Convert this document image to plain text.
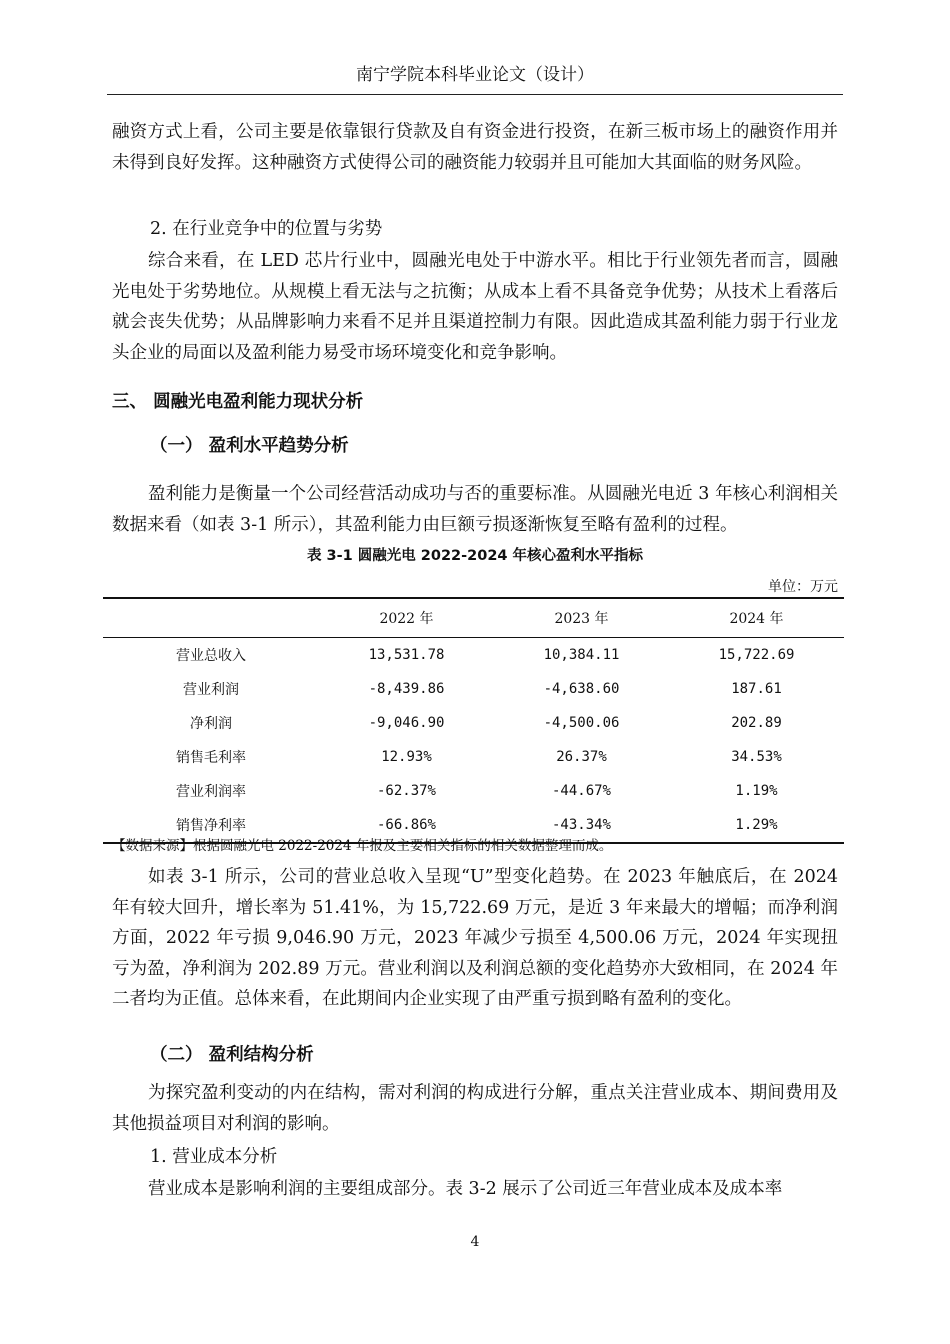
南宁学院本科毕业论文（设计）

融资方式上看，公司主要是依靠银行贷款及自有资金进行投资，在新三板市场上的融资作用并未得到良好发挥。这种融资方式使得公司的融资能力较弱并且可能加大其面临的财务风险。

2. 在行业竞争中的位置与劣势

综合来看，在 LED 芯片行业中，圆融光电处于中游水平。相比于行业领先者而言，圆融光电处于劣势地位。从规模上看无法与之抗衡；从成本上看不具备竞争优势；从技术上看落后就会丧失优势；从品牌影响力来看不足并且渠道控制力有限。因此造成其盈利能力弱于行业龙头企业的局面以及盈利能力易受市场环境变化和竞争影响。

三、 圆融光电盈利能力现状分析
（一） 盈利水平趋势分析

盈利能力是衡量一个公司经营活动成功与否的重要标准。从圆融光电近 3 年核心利润相关数据来看（如表 3-1 所示），其盈利能力由巨额亏损逐渐恢复至略有盈利的过程。

表 3-1 圆融光电 2022-2024 年核心盈利水平指标
单位：万元
	2022 年	2023 年	2024 年
营业总收入	13,531.78	10,384.11	15,722.69
营业利润	-8,439.86	-4,638.60	187.61
净利润	-9,046.90	-4,500.06	202.89
销售毛利率	12.93%	26.37%	34.53%
营业利润率	-62.37%	-44.67%	1.19%
销售净利率	-66.86%	-43.34%	1.29%
【数据来源】根据圆融光电 2022-2024 年报及主要相关指标的相关数据整理而成。

如表 3-1 所示，公司的营业总收入呈现“U”型变化趋势。在 2023 年触底后，在 2024 年有较大回升，增长率为 51.41%，为 15,722.69 万元，是近 3 年来最大的增幅；而净利润方面，2022 年亏损 9,046.90 万元，2023 年减少亏损至 4,500.06 万元，2024 年实现扭亏为盈，净利润为 202.89 万元。营业利润以及利润总额的变化趋势亦大致相同，在 2024 年二者均为正值。总体来看，在此期间内企业实现了由严重亏损到略有盈利的变化。

（二） 盈利结构分析

为探究盈利变动的内在结构，需对利润的构成进行分解，重点关注营业成本、期间费用及其他损益项目对利润的影响。

1. 营业成本分析

营业成本是影响利润的主要组成部分。表 3-2 展示了公司近三年营业成本及成本率

4
